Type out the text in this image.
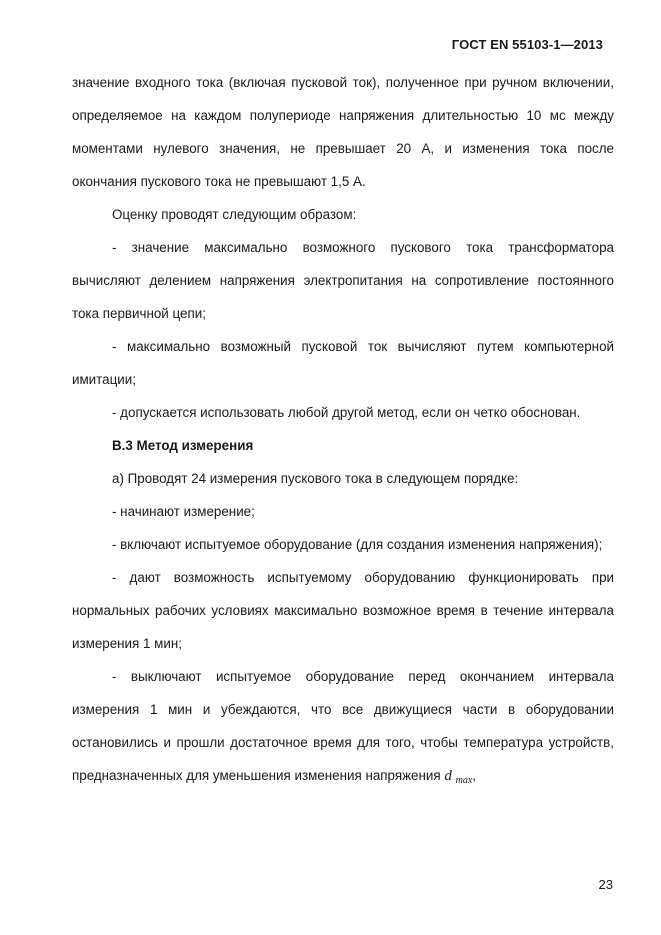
ГОСТ EN 55103-1—2013

значение входного тока (включая пусковой ток), полученное при ручном включении, определяемое на каждом полупериоде напряжения длительностью 10 мс между моментами нулевого значения, не превышает 20 А, и изменения тока после окончания пускового тока не превышают 1,5 А.

Оценку проводят следующим образом:

- значение максимально возможного пускового тока трансформатора вычисляют делением напряжения электропитания на сопротивление постоянного тока первичной цепи;

- максимально возможный пусковой ток вычисляют путем компьютерной имитации;

- допускается использовать любой другой метод, если он четко обоснован.

В.3 Метод измерения

а) Проводят 24 измерения пускового тока в следующем порядке:

- начинают измерение;

- включают испытуемое оборудование (для создания изменения напряжения);

- дают возможность испытуемому оборудованию функционировать при нормальных рабочих условиях максимально возможное время в течение интервала измерения 1 мин;

- выключают испытуемое оборудование перед окончанием интервала измерения 1 мин и убеждаются, что все движущиеся части в оборудовании остановились и прошли достаточное время для того, чтобы температура устройств, предназначенных для уменьшения изменения напряжения d $_{max}$,

23
